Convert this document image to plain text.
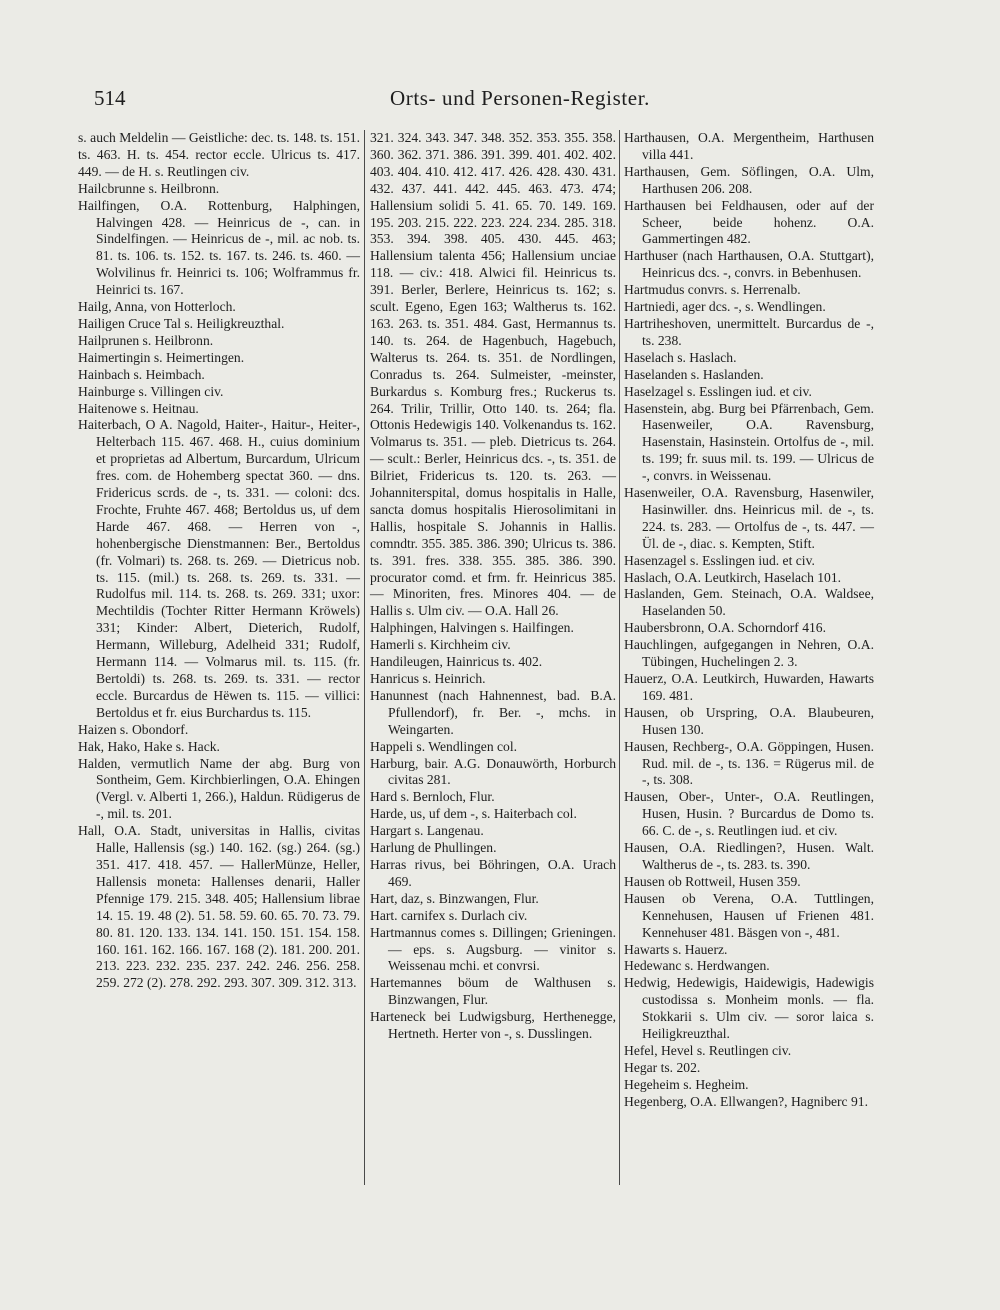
514	Orts- und Personen-Register.
s. auch Meldelin — Geistliche: dec. ts. 148. ts. 151. ts. 463. H. ts. 454. rector eccle. Ulricus ts. 417. 449. — de H. s. Reutlingen civ.
Hailcbrunne s. Heilbronn.
Hailfingen, O.A. Rottenburg, Halphingen, Halvingen 428. — Heinricus de -, can. in Sindelfingen. — Heinricus de -, mil. ac nob. ts. 81. ts. 106. ts. 152. ts. 167. ts. 246. ts. 460. — Wolvilinus fr. Heinrici ts. 106; Wolframmus fr. Heinrici ts. 167.
Hailg, Anna, von Hotterloch.
Hailigen Cruce Tal s. Heiligkreuzthal.
Hailprunen s. Heilbronn.
Haimertingin s. Heimertingen.
Hainbach s. Heimbach.
Hainburge s. Villingen civ.
Haitenowe s. Heitnau.
Haiterbach, O A. Nagold, Haiter-, Haitur-, Heiter-, Helterbach 115. 467. 468. H., cuius dominium et proprietas ad Albertum, Burcardum, Ulricum fres. com. de Hohemberg spectat 360. — dns. Fridericus scrds. de -, ts. 331. — coloni: dcs. Frochte, Fruhte 467. 468; Bertoldus us, uf dem Harde 467. 468. — Herren von -, hohenbergische Dienstmannen: Ber., Bertoldus (fr. Volmari) ts. 268. ts. 269. — Dietricus nob. ts. 115. (mil.) ts. 268. ts. 269. ts. 331. — Rudolfus mil. 114. ts. 268. ts. 269. 331; uxor: Mechtildis (Tochter Ritter Hermann Kröwels) 331; Kinder: Albert, Dieterich, Rudolf, Hermann, Willeburg, Adelheid 331; Rudolf, Hermann 114. — Volmarus mil. ts. 115. (fr. Bertoldi) ts. 268. ts. 269. ts. 331. — rector eccle. Burcardus de Hëwen ts. 115. — villici: Bertoldus et fr. eius Burchardus ts. 115.
Haizen s. Obondorf.
Hak, Hako, Hake s. Hack.
Halden, vermutlich Name der abg. Burg von Sontheim, Gem. Kirchbierlingen, O.A. Ehingen (Vergl. v. Alberti 1, 266.), Haldun. Rüdigerus de -, mil. ts. 201.
Hall, O.A. Stadt, universitas in Hallis, civitas Halle, Hallensis (sg.) 140. 162. (sg.) 264. (sg.) 351. 417. 418. 457. — HallerMünze, Heller, Hallensis moneta: Hallenses denarii, Haller Pfennige 179. 215. 348. 405; Hallensium librae 14. 15. 19. 48 (2). 51. 58. 59. 60. 65. 70. 73. 79. 80. 81. 120. 133. 134. 141. 150. 151. 154. 158. 160. 161. 162. 166. 167. 168 (2). 181. 200. 201. 213. 223. 232. 235. 237. 242. 246. 256. 258. 259. 272 (2). 278. 292. 293. 307. 309. 312. 313.
321. 324. 343. 347. 348. 352. 353. 355. 358. 360. 362. 371. 386. 391. 399. 401. 402. 402. 403. 404. 410. 412. 417. 426. 428. 430. 431. 432. 437. 441. 442. 445. 463. 473. 474; Hallensium solidi 5. 41. 65. 70. 149. 169. 195. 203. 215. 222. 223. 224. 234. 285. 318. 353. 394. 398. 405. 430. 445. 463; Hallensium talenta 456; Hallensium unciae 118. — civ.: 418. Alwici fil. Heinricus ts. 391. Berler, Berlere, Heinricus ts. 162; s. scult. Egeno, Egen 163; Waltherus ts. 162. 163. 263. ts. 351. 484. Gast, Hermannus ts. 140. ts. 264. de Hagenbuch, Hagebuch, Walterus ts. 264. ts. 351. de Nordlingen, Conradus ts. 264. Sulmeister, -meinster, Burkardus s. Komburg fres.; Ruckerus ts. 264. Trilir, Trillir, Otto 140. ts. 264; fla. Ottonis Hedewigis 140. Volkenandus ts. 162. Volmarus ts. 351. — pleb. Dietricus ts. 264. — scult.: Berler, Heinricus dcs. -, ts. 351. de Bilriet, Fridericus ts. 120. ts. 263. — Johanniterspital, domus hospitalis in Halle, sancta domus hospitalis Hierosolimitani in Hallis, hospitale S. Johannis in Hallis. comndtr. 355. 385. 386. 390; Ulricus ts. 386. ts. 391. fres. 338. 355. 385. 386. 390. procurator comd. et frm. fr. Heinricus 385. — Minoriten, fres. Minores 404. — de Hallis s. Ulm civ. — O.A. Hall 26.
Halphingen, Halvingen s. Hailfingen.
Hamerli s. Kirchheim civ.
Handileugen, Hainricus ts. 402.
Hanricus s. Heinrich.
Hanunnest (nach Hahnennest, bad. B.A. Pfullendorf), fr. Ber. -, mchs. in Weingarten.
Happeli s. Wendlingen col.
Harburg, bair. A.G. Donauwörth, Horburch civitas 281.
Hard s. Bernloch, Flur.
Harde, us, uf dem -, s. Haiterbach col.
Hargart s. Langenau.
Harlung de Phullingen.
Harras rivus, bei Böhringen, O.A. Urach 469.
Hart, daz, s. Binzwangen, Flur.
Hart. carnifex s. Durlach civ.
Hartmannus comes s. Dillingen; Grieningen. — eps. s. Augsburg. — vinitor s. Weissenau mchi. et convrsi.
Hartemannes böum de Walthusen s. Binzwangen, Flur.
Harteneck bei Ludwigsburg, Herthenegge, Hertneth. Herter von -, s. Dusslingen.
Harthausen, O.A. Mergentheim, Harthusen villa 441.
Harthausen, Gem. Söflingen, O.A. Ulm, Harthusen 206. 208.
Harthausen bei Feldhausen, oder auf der Scheer, beide hohenz. O.A. Gammertingen 482.
Harthuser (nach Harthausen, O.A. Stuttgart), Heinricus dcs. -, convrs. in Bebenhusen.
Hartmudus convrs. s. Herrenalb.
Hartniedi, ager dcs. -, s. Wendlingen.
Hartriheshoven, unermittelt. Burcardus de -, ts. 238.
Haselach s. Haslach.
Haselanden s. Haslanden.
Haselzagel s. Esslingen iud. et civ.
Hasenstein, abg. Burg bei Pfärrenbach, Gem. Hasenweiler, O.A. Ravensburg, Hasenstain, Hasinstein. Ortolfus de -, mil. ts. 199; fr. suus mil. ts. 199. — Ulricus de -, convrs. in Weissenau.
Hasenweiler, O.A. Ravensburg, Hasenwiler, Hasinwiller. dns. Heinricus mil. de -, ts. 224. ts. 283. — Ortolfus de -, ts. 447. — Ül. de -, diac. s. Kempten, Stift.
Hasenzagel s. Esslingen iud. et civ.
Haslach, O.A. Leutkirch, Haselach 101.
Haslanden, Gem. Steinach, O.A. Waldsee, Haselanden 50.
Haubersbronn, O.A. Schorndorf 416.
Hauchlingen, aufgegangen in Nehren, O.A. Tübingen, Huchelingen 2. 3.
Hauerz, O.A. Leutkirch, Huwarden, Hawarts 169. 481.
Hausen, ob Urspring, O.A. Blaubeuren, Husen 130.
Hausen, Rechberg-, O.A. Göppingen, Husen. Rud. mil. de -, ts. 136. = Rügerus mil. de -, ts. 308.
Hausen, Ober-, Unter-, O.A. Reutlingen, Husen, Husin. ? Burcardus de Domo ts. 66. C. de -, s. Reutlingen iud. et civ.
Hausen, O.A. Riedlingen?, Husen. Walt. Waltherus de -, ts. 283. ts. 390.
Hausen ob Rottweil, Husen 359.
Hausen ob Verena, O.A. Tuttlingen, Kennehusen, Hausen uf Frienen 481. Kennehuser 481. Bäsgen von -, 481.
Hawarts s. Hauerz.
Hedewanc s. Herdwangen.
Hedwig, Hedewigis, Haidewigis, Hadewigis custodissa s. Monheim monls. — fla. Stokkarii s. Ulm civ. — soror laica s. Heiligkreuzthal.
Hefel, Hevel s. Reutlingen civ.
Hegar ts. 202.
Hegeheim s. Hegheim.
Hegenberg, O.A. Ellwangen?, Hagniberc 91.
